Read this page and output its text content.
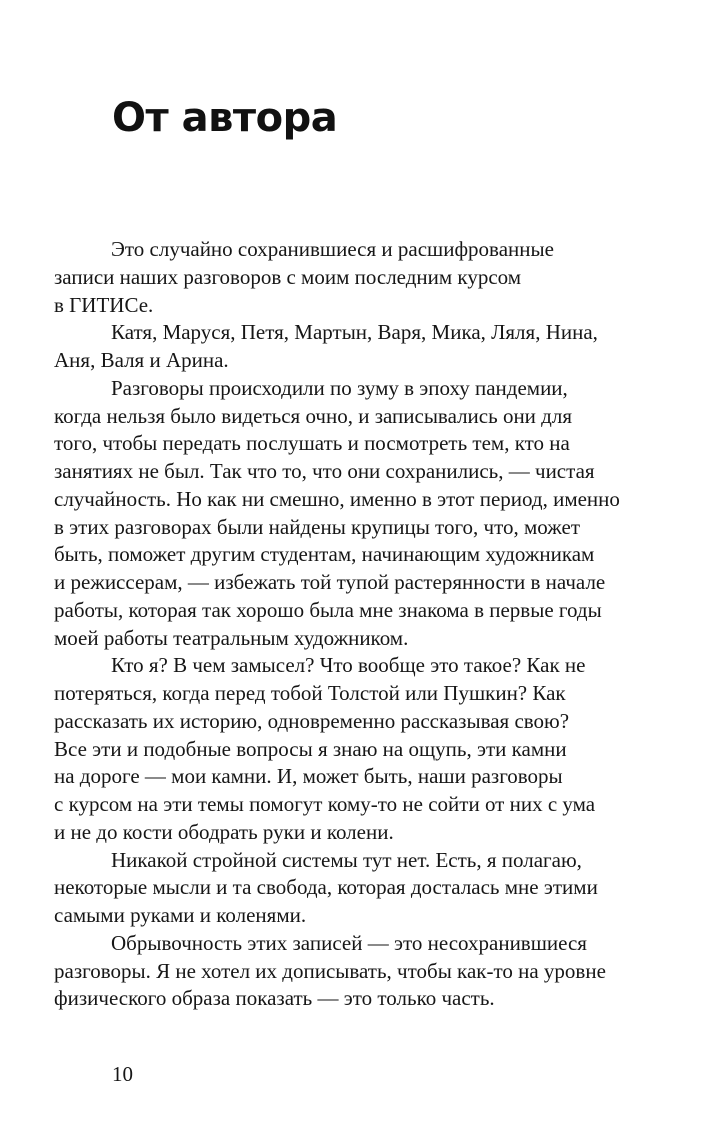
От автора

Это случайно сохранившиеся и расшифрованные
записи наших разговоров с моим последним курсом
в ГИТИСе.

Катя, Маруся, Петя, Мартын, Варя, Мика, Ляля, Нина,
Аня, Валя и Арина.

Разговоры происходили по зуму в эпоху пандемии,
когда нельзя было видеться очно, и записывались они для
того, чтобы передать послушать и посмотреть тем, кто на
занятиях не был. Так что то, что они сохранились, — чистая
случайность. Но как ни смешно, именно в этот период, именно
в этих разговорах были найдены крупицы того, что, может
быть, поможет другим студентам, начинающим художникам
и режиссерам, — избежать той тупой растерянности в начале
работы, которая так хорошо была мне знакома в первые годы
моей работы театральным художником.

Кто я? В чем замысел? Что вообще это такое? Как не
потеряться, когда перед тобой Толстой или Пушкин? Как
рассказать их историю, одновременно рассказывая свою?
Все эти и подобные вопросы я знаю на ощупь, эти камни
на дороге — мои камни. И, может быть, наши разговоры
с курсом на эти темы помогут кому-то не сойти от них с ума
и не до кости ободрать руки и колени.

Никакой стройной системы тут нет. Есть, я полагаю,
некоторые мысли и та свобода, которая досталась мне этими
самыми руками и коленями.

Обрывочность этих записей — это несохранившиеся
разговоры. Я не хотел их дописывать, чтобы как-то на уровне
физического образа показать — это только часть.

10
